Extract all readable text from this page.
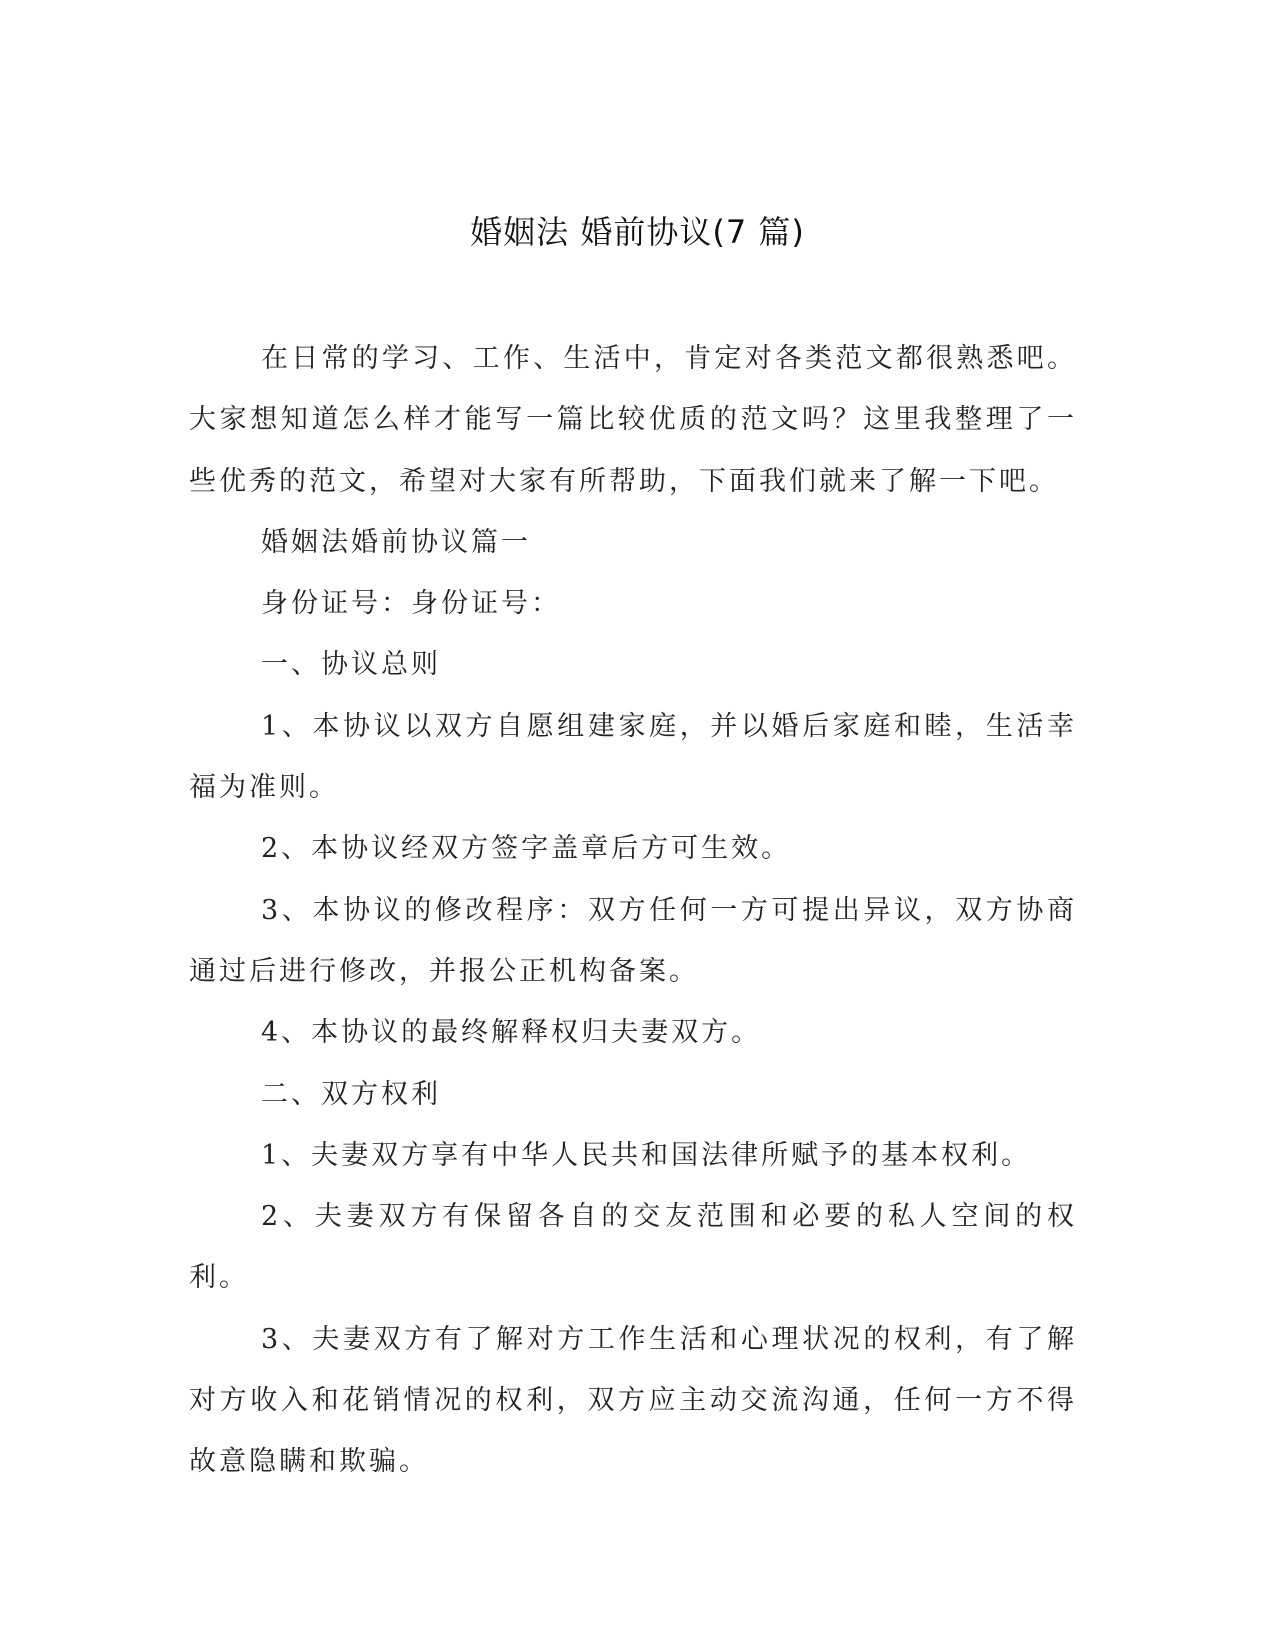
婚姻法 婚前协议(7 篇)

在日常的学习、工作、生活中，肯定对各类范文都很熟悉吧。大家想知道怎么样才能写一篇比较优质的范文吗？这里我整理了一些优秀的范文，希望对大家有所帮助，下面我们就来了解一下吧。

婚姻法婚前协议篇一

身份证号：身份证号：

一、协议总则

1、本协议以双方自愿组建家庭，并以婚后家庭和睦，生活幸福为准则。

2、本协议经双方签字盖章后方可生效。

3、本协议的修改程序：双方任何一方可提出异议，双方协商通过后进行修改，并报公正机构备案。

4、本协议的最终解释权归夫妻双方。

二、双方权利

1、夫妻双方享有中华人民共和国法律所赋予的基本权利。

2、夫妻双方有保留各自的交友范围和必要的私人空间的权利。

3、夫妻双方有了解对方工作生活和心理状况的权利，有了解对方收入和花销情况的权利，双方应主动交流沟通，任何一方不得故意隐瞒和欺骗。
